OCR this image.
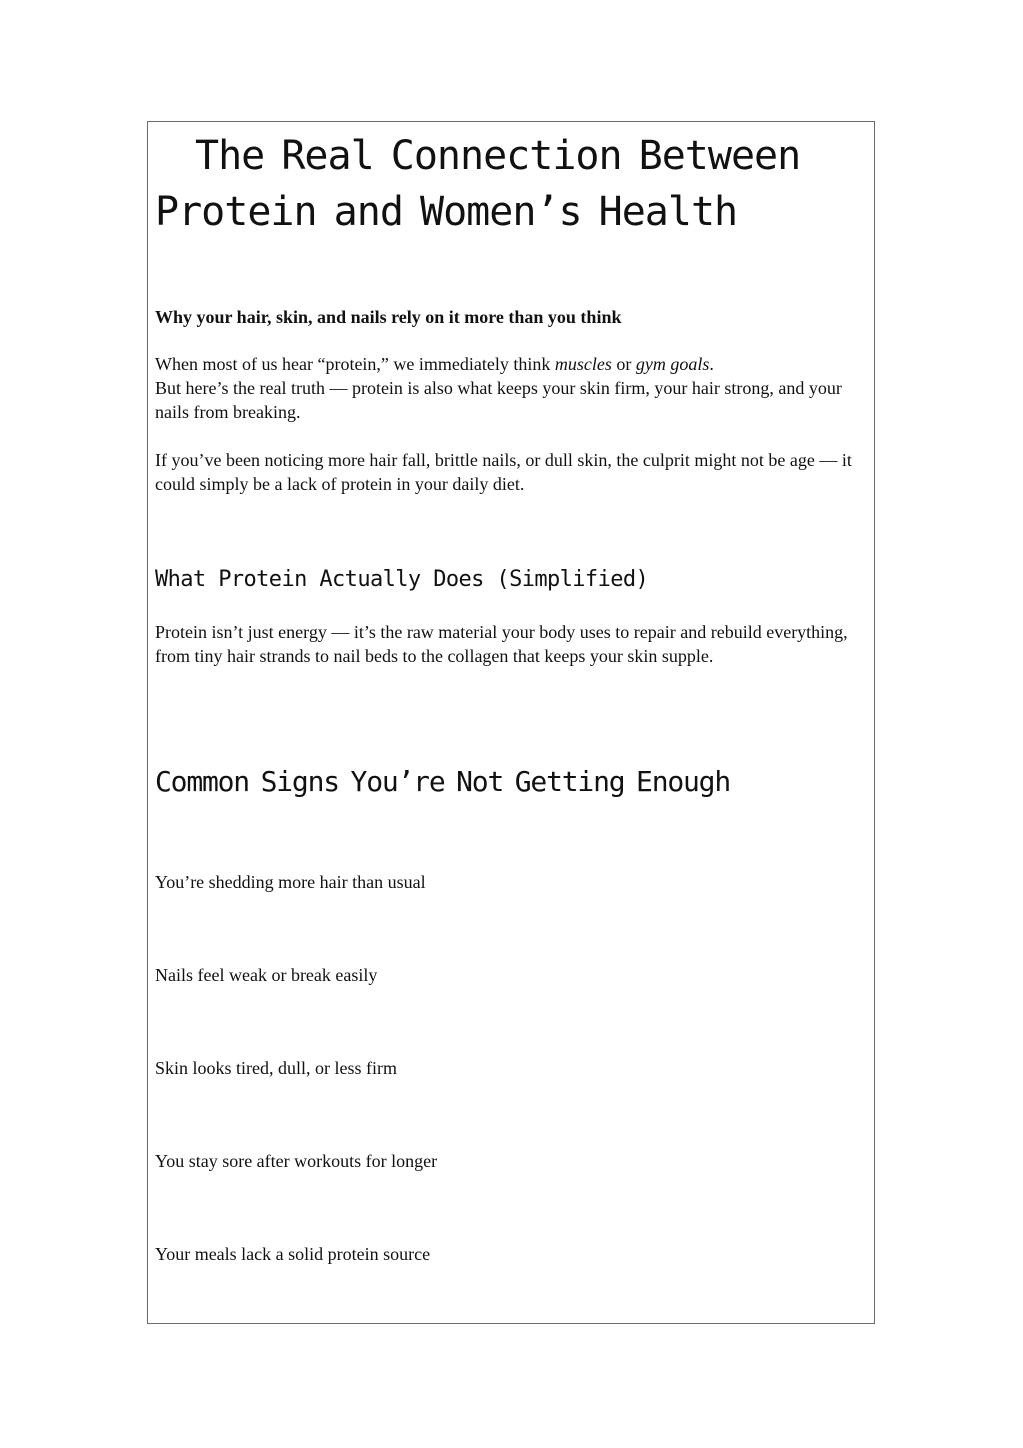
The Real Connection Between
Protein and Women’s Health

Why your hair, skin, and nails rely on it more than you think

When most of us hear “protein,” we immediately think muscles or gym goals.
But here’s the real truth — protein is also what keeps your skin firm, your hair strong, and your nails from breaking.

If you’ve been noticing more hair fall, brittle nails, or dull skin, the culprit might not be age — it could simply be a lack of protein in your daily diet.

What Protein Actually Does (Simplified)

Protein isn’t just energy — it’s the raw material your body uses to repair and rebuild everything, from tiny hair strands to nail beds to the collagen that keeps your skin supple.

Common Signs You’re Not Getting Enough

You’re shedding more hair than usual

Nails feel weak or break easily

Skin looks tired, dull, or less firm

You stay sore after workouts for longer

Your meals lack a solid protein source
